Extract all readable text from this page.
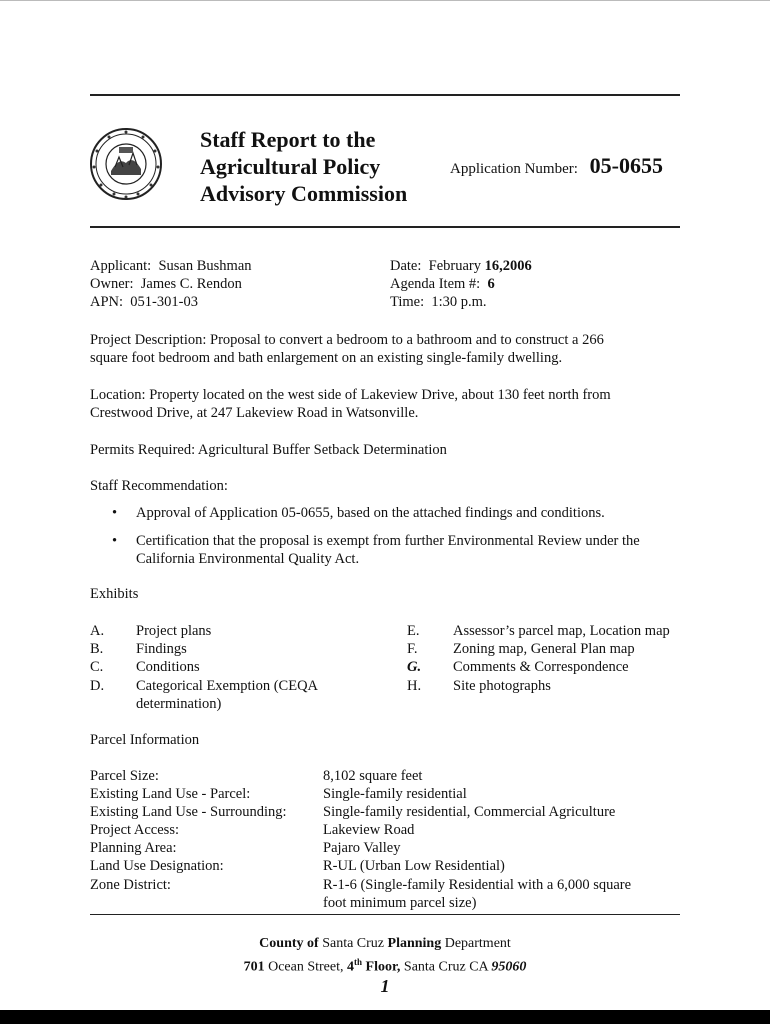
Staff Report to the
Agricultural Policy
Advisory Commission
Application Number: 05-0655
Applicant: Susan Bushman
Owner: James C. Rendon
APN: 051-301-03
Date: February 16,2006
Agenda Item #: 6
Time: 1:30 p.m.
Project Description: Proposal to convert a bedroom to a bathroom and to construct a 266
square foot bedroom and bath enlargement on an existing single-family dwelling.
Location: Property located on the west side of Lakeview Drive, about 130 feet north from
Crestwood Drive, at 247 Lakeview Road in Watsonville.
Permits Required: Agricultural Buffer Setback Determination
Staff Recommendation:
• Approval of Application 05-0655, based on the attached findings and conditions.
• Certification that the proposal is exempt from further Environmental Review under the
California Environmental Quality Act.
Exhibits
A. Project plans
B. Findings
C. Conditions
D. Categorical Exemption (CEQA
determination)
E. Assessor’s parcel map, Location map
F. Zoning map, General Plan map
G. Comments & Correspondence
H. Site photographs
Parcel Information
Parcel Size:	8,102 square feet
Existing Land Use - Parcel:	Single-family residential
Existing Land Use - Surrounding:	Single-family residential, Commercial Agriculture
Project Access:	Lakeview Road
Planning Area:	Pajaro Valley
Land Use Designation:	R-UL (Urban Low Residential)
Zone District:	R-1-6 (Single-family Residential with a 6,000 square
foot minimum parcel size)
County of Santa Cruz Planning Department
701 Ocean Street, 4th Floor, Santa Cruz CA 95060
1
